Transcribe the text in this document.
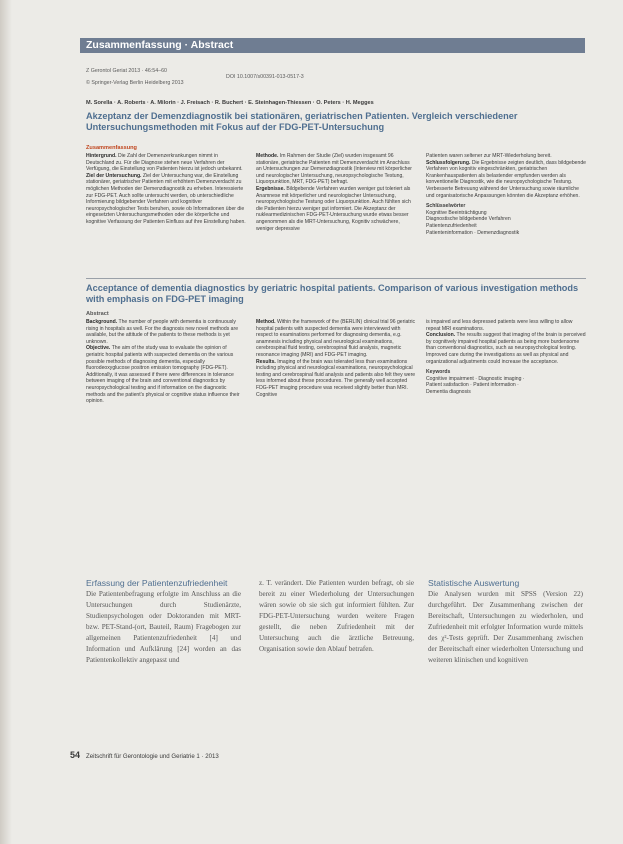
Zusammenfassung · Abstract
Z Gerontol Geriat 2013 · 46:54–60
DOI 10.1007/s00391-013-0517-3
© Springer-Verlag Berlin Heidelberg 2013
M. Sorella · A. Roberts · A. Milorin · J. Freisach · R. Buchert · E. Steinhagen-Thiessen · O. Peters · H. Megges
Akzeptanz der Demenzdiagnostik bei stationären, geriatrischen Patienten. Vergleich verschiedener Untersuchungsmethoden mit Fokus auf der FDG-PET-Untersuchung
Zusammenfassung

Hintergrund. Die Zahl der Demenzerkrankungen nimmt in Deutschland zu. Für die Diagnose stehen neue Verfahren der Verfügung, die Einstellung von Patienten hierzu ist jedoch unbekannt.

Ziel der Untersuchung. Ziel der Untersuchung war, die Einstellung stationärer, geriatrischer Patienten mit erhöhtem Demenzverdacht zu möglichen Methoden der Demenzdiagnostik zu erheben. Interessierte zur FDG-PET. Auch sollte untersucht werden, ob unterschiedliche Informierung bildgebender Verfahren und kognitiver neuropsychologischer Tests beruhen, sowie ob Informationen über die eingesetzten Untersuchungsmethoden oder die körperliche und kognitive Verfassung der Patienten Einfluss auf ihre Einstellung haben.

Methode. Im Rahmen der Studie (Ziel) wurden insgesamt 96 stationäre, geriatrische Patienten mit Demenzverdacht im Anschluss an Untersuchungen zur Demenzdiagnostik (Interview mit körperlicher und neurologischer Untersuchung, neuropsychologische Testung, Liquorpunktion, MRT, FDG-PET) befragt.

Ergebnisse. Bildgebende Verfahren wurden weniger gut toleriert als Anamnese mit körperlicher und neurologischer Untersuchung, neuropsychologische Testung oder Liquorpunktion. Auch fühlten sich die Patienten hierzu weniger gut informiert. Die Akzeptanz der nuklearmedizinischen FDG-PET-Untersuchung wurde etwas besser angenommen als die MRT-Untersuchung, Kognitiv schwächere, weniger depressive

Patienten waren seltener zur MRT-Wiederholung bereit.

Schlussfolgerung. Die Ergebnisse zeigten deutlich, dass bildgebende Verfahren von kognitiv eingeschränkten, geriatrischen Krankenhauspatienten als belastender empfunden werden als konventionelle Diagnostik, wie die neuropsychologische Testung. Verbesserte Betreuung während der Untersuchung sowie räumliche und organisatorische Anpassungen könnten die Akzeptanz erhöhen.

Schlüsselwörter

Kognitive Beeinträchtigung

Diagnostische bildgebende Verfahren

Patientenzufriedenheit

Patienteninformation · Demenzdiagnostik

Acceptance of dementia diagnostics by geriatric hospital patients. Comparison of various investigation methods with emphasis on FDG-PET imaging
Abstract

Background. The number of people with dementia is continuously rising in hospitals as well. For the diagnosis new novel methods are available, but the attitude of the patients to these methods is yet unknown.

Objective. The aim of the study was to evaluate the opinion of geriatric hospital patients with suspected dementia on the various possible methods of diagnosing dementia, especially fluorodeoxyglucose positron emission tomography (FDG-PET). Additionally, it was assessed if there were differences in tolerance between imaging of the brain and conventional diagnostics by neuropsychological testing and if information on the diagnostic methods and the patient's physical or cognitive status influence their opinion.

Method. Within the framework of the (BERLIN) clinical trial 96 geriatric hospital patients with suspected dementia were interviewed with respect to examinations performed for diagnosing dementia, e.g. anamnesis including physical and neurological examinations, cerebrospinal fluid testing, cerebrospinal fluid analysis, magnetic resonance imaging (MRI) and FDG-PET imaging.

Results. Imaging of the brain was tolerated less than examinations including physical and neurological examinations, neuropsychological testing and cerebrospinal fluid analysis and patients also felt they were less informed about these procedures. The generally well accepted FDG-PET imaging procedure was received slightly better than MRI. Cognitive

is impaired and less depressed patients were less willing to allow repeat MRI examinations.

Conclusion. The results suggest that imaging of the brain is perceived by cognitively impaired hospital patients as being more burdensome than conventional diagnostics, such as neuropsychological testing. Improved care during the investigations as well as physical and organizational adjustments could increase the acceptance.

Keywords

Cognitive impairment · Diagnostic imaging ·

Patient satisfaction · Patient information ·

Dementia diagnosis

Erfassung der Patientenzufriedenheit

Die Patientenbefragung erfolgte im Anschluss an die Untersuchungen durch Studienärzte, Studienpsychologen oder Doktoranden mit MRT- bzw. PET-Stand-(ort, Bauteil, Raum) Fragebogen zur allgemeinen Patientenzufriedenheit [4] und Information und Aufklärung [24] worden an das Patientenkollektiv angepasst und

z. T. verändert. Die Patienten wurden befragt, ob sie bereit zu einer Wiederholung der Untersuchungen wären sowie ob sie sich gut informiert fühlten. Zur FDG-PET-Untersuchung wurden weitere Fragen gestellt, die neben Zufriedenheit mit der Untersuchung auch die ärztliche Betreuung, Organisation sowie den Ablauf betrafen.

Statistische Auswertung

Die Analysen wurden mit SPSS (Version 22) durchgeführt. Der Zusammenhang zwischen der Bereitschaft, Untersuchungen zu wiederholen, und Zufriedenheit mit erfolgter Information wurde mittels des χ²-Tests geprüft. Der Zusammenhang zwischen der Bereitschaft einer wiederholten Untersuchung und weiteren klinischen und kognitiven

54 Zeitschrift für Gerontologie und Geriatrie 1 · 2013
